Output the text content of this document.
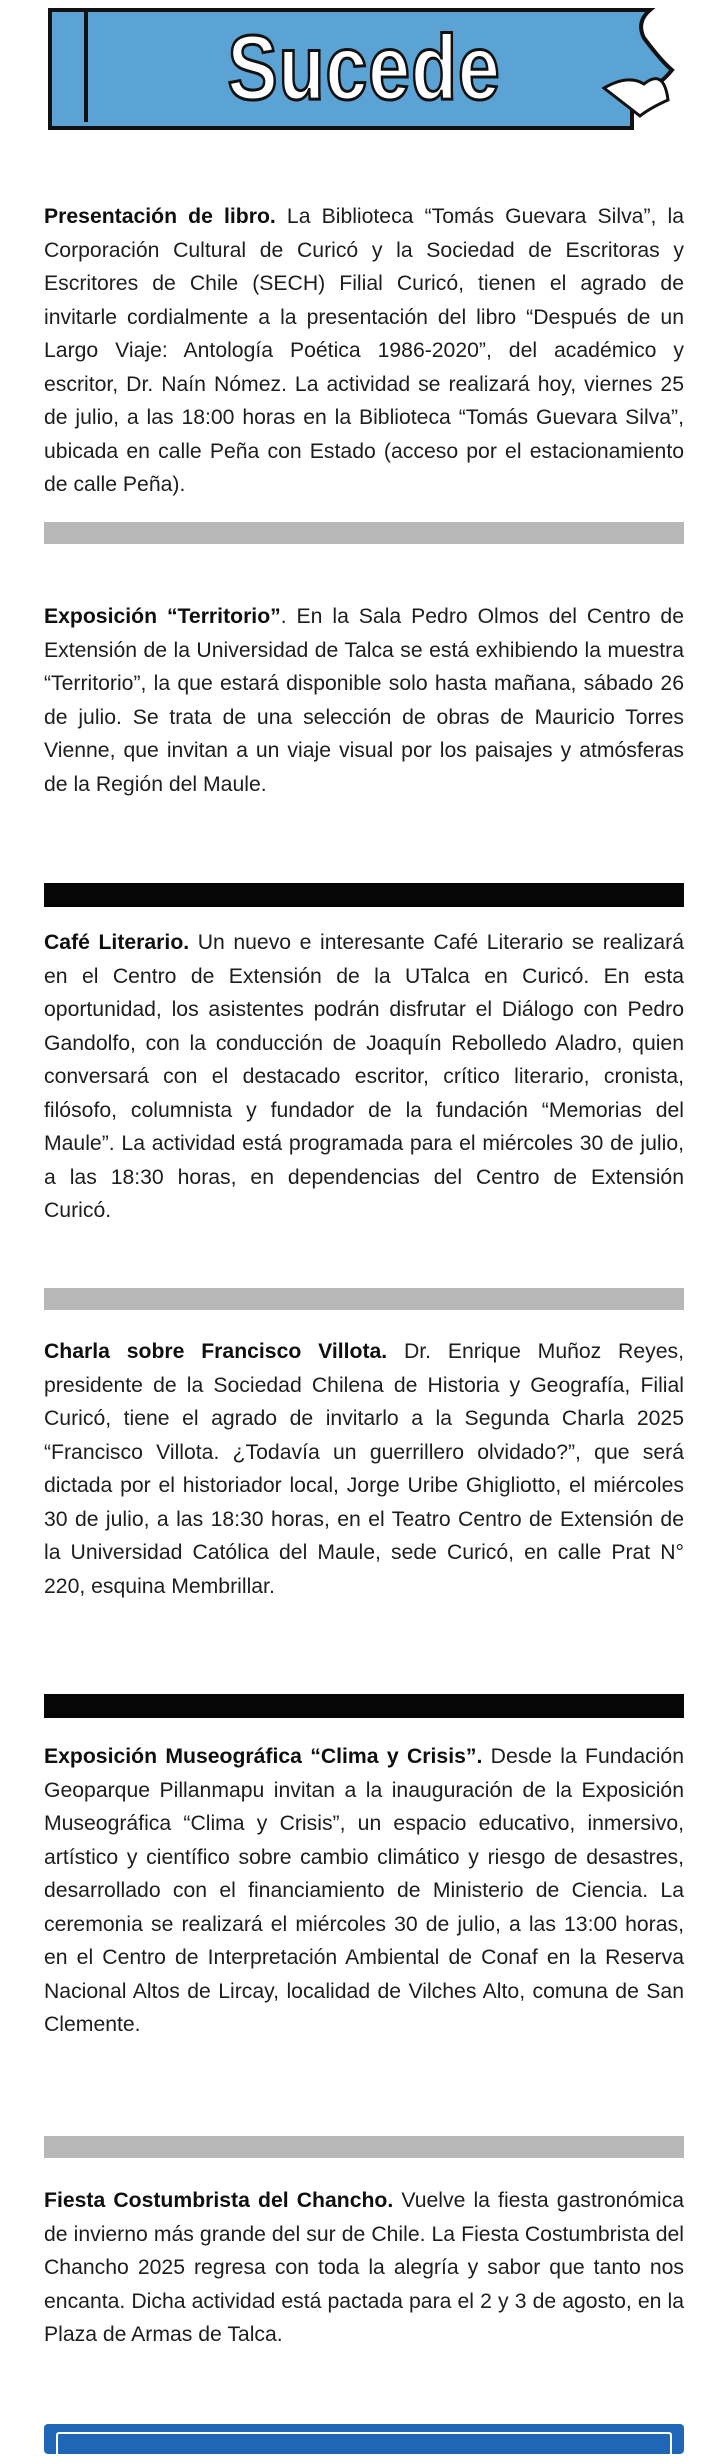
Sucede
Presentación de libro. La Biblioteca “Tomás Guevara Silva”, la Corporación Cultural de Curicó y la Sociedad de Escritoras y Escritores de Chile (SECH) Filial Curicó, tienen el agrado de invitarle cordialmente a la presentación del libro “Después de un Largo Viaje: Antología Poética 1986-2020”, del académico y escritor, Dr. Naín Nómez. La actividad se realizará hoy, viernes 25 de julio, a las 18:00 horas en la Biblioteca “Tomás Guevara Silva”, ubicada en calle Peña con Estado (acceso por el estacionamiento de calle Peña).
Exposición “Territorio”. En la Sala Pedro Olmos del Centro de Extensión de la Universidad de Talca se está exhibiendo la muestra “Territorio”, la que estará disponible solo hasta mañana, sábado 26 de julio. Se trata de una selección de obras de Mauricio Torres Vienne, que invitan a un viaje visual por los paisajes y atmósferas de la Región del Maule.
Café Literario. Un nuevo e interesante Café Literario se realizará en el Centro de Extensión de la UTalca en Curicó. En esta oportunidad, los asistentes podrán disfrutar el Diálogo con Pedro Gandolfo, con la conducción de Joaquín Rebolledo Aladro, quien conversará con el destacado escritor, crítico literario, cronista, filósofo, columnista y fundador de la fundación “Memorias del Maule”. La actividad está programada para el miércoles 30 de julio, a las 18:30 horas, en dependencias del Centro de Extensión Curicó.
Charla sobre Francisco Villota. Dr. Enrique Muñoz Reyes, presidente de la Sociedad Chilena de Historia y Geografía, Filial Curicó, tiene el agrado de invitarlo a la Segunda Charla 2025 “Francisco Villota. ¿Todavía un guerrillero olvidado?”, que será dictada por el historiador local, Jorge Uribe Ghigliotto, el miércoles 30 de julio, a las 18:30 horas, en el Teatro Centro de Extensión de la Universidad Católica del Maule, sede Curicó, en calle Prat N° 220, esquina Membrillar.
Exposición Museográfica “Clima y Crisis”. Desde la Fundación Geoparque Pillanmapu invitan a la inauguración de la Exposición Museográfica “Clima y Crisis”, un espacio educativo, inmersivo, artístico y científico sobre cambio climático y riesgo de desastres, desarrollado con el financiamiento de Ministerio de Ciencia. La ceremonia se realizará el miércoles 30 de julio, a las 13:00 horas, en el Centro de Interpretación Ambiental de Conaf en la Reserva Nacional Altos de Lircay, localidad de Vilches Alto, comuna de San Clemente.
Fiesta Costumbrista del Chancho. Vuelve la fiesta gastronómica de invierno más grande del sur de Chile. La Fiesta Costumbrista del Chancho 2025 regresa con toda la alegría y sabor que tanto nos encanta. Dicha actividad está pactada para el 2 y 3 de agosto, en la Plaza de Armas de Talca.
